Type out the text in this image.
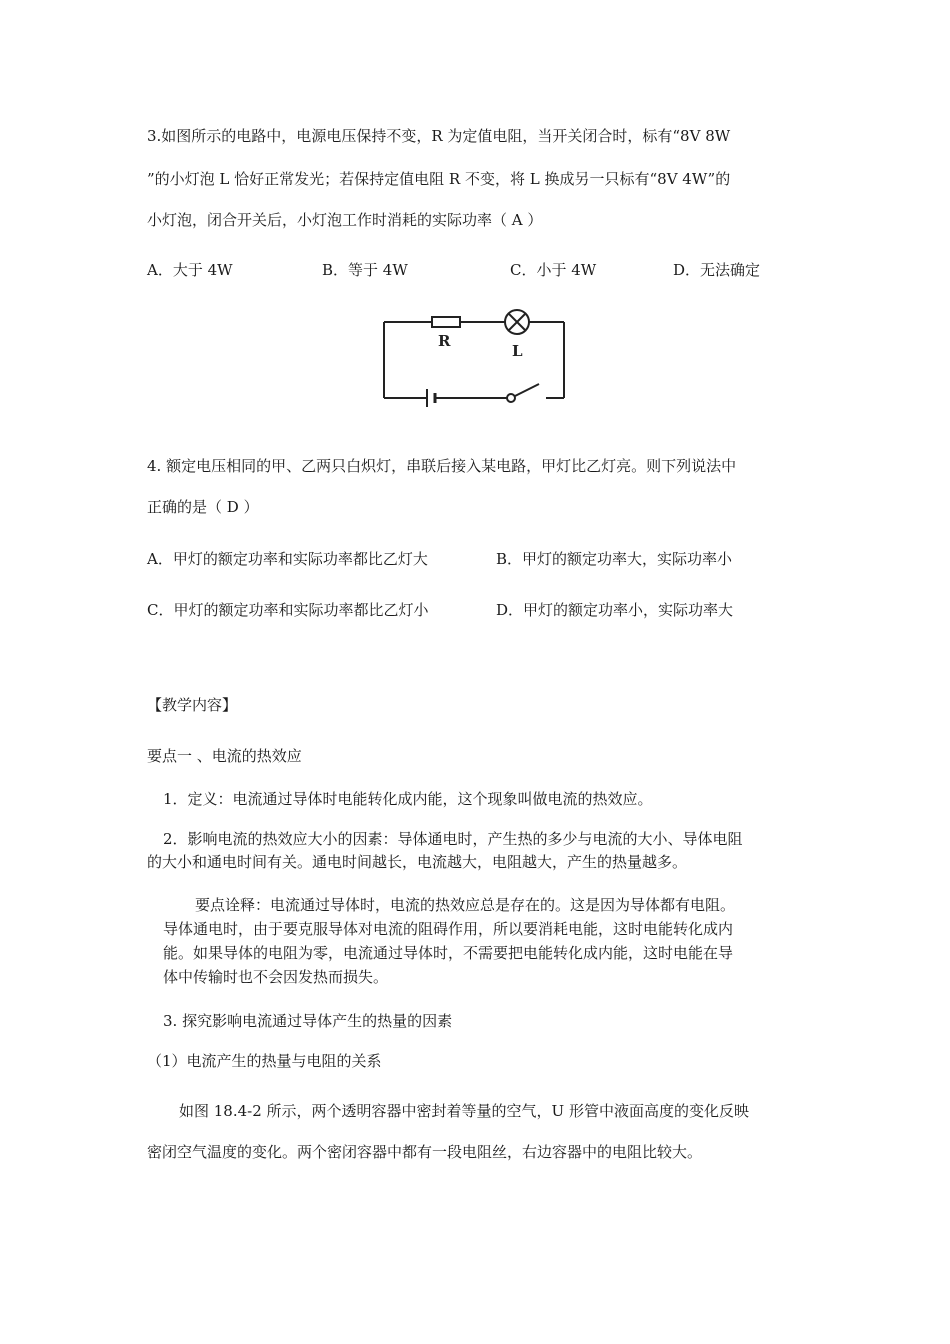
3.如图所示的电路中，电源电压保持不变，R 为定值电阻，当开关闭合时，标有“8V 8W
”的小灯泡 L 恰好正常发光；若保持定值电阻 R 不变，将 L 换成另一只标有“8V 4W”的
小灯泡，闭合开关后，小灯泡工作时消耗的实际功率（ A ）
A．大于 4W	B．等于 4W	C．小于 4W	D．无法确定
R
L
4. 额定电压相同的甲、乙两只白炽灯，串联后接入某电路，甲灯比乙灯亮。则下列说法中
正确的是（ D ）
A．甲灯的额定功率和实际功率都比乙灯大	B．甲灯的额定功率大，实际功率小
C．甲灯的额定功率和实际功率都比乙灯小	D．甲灯的额定功率小，实际功率大
【教学内容】
要点一 、电流的热效应
1．定义：电流通过导体时电能转化成内能，这个现象叫做电流的热效应。
2．影响电流的热效应大小的因素：导体通电时，产生热的多少与电流的大小、导体电阻
的大小和通电时间有关。通电时间越长，电流越大，电阻越大，产生的热量越多。
要点诠释：电流通过导体时，电流的热效应总是存在的。这是因为导体都有电阻。
导体通电时，由于要克服导体对电流的阻碍作用，所以要消耗电能，这时电能转化成内
能。如果导体的电阻为零，电流通过导体时，不需要把电能转化成内能，这时电能在导
体中传输时也不会因发热而损失。
3. 探究影响电流通过导体产生的热量的因素
（1）电流产生的热量与电阻的关系
如图 18.4-2 所示，两个透明容器中密封着等量的空气，U 形管中液面高度的变化反映
密闭空气温度的变化。两个密闭容器中都有一段电阻丝，右边容器中的电阻比较大。
